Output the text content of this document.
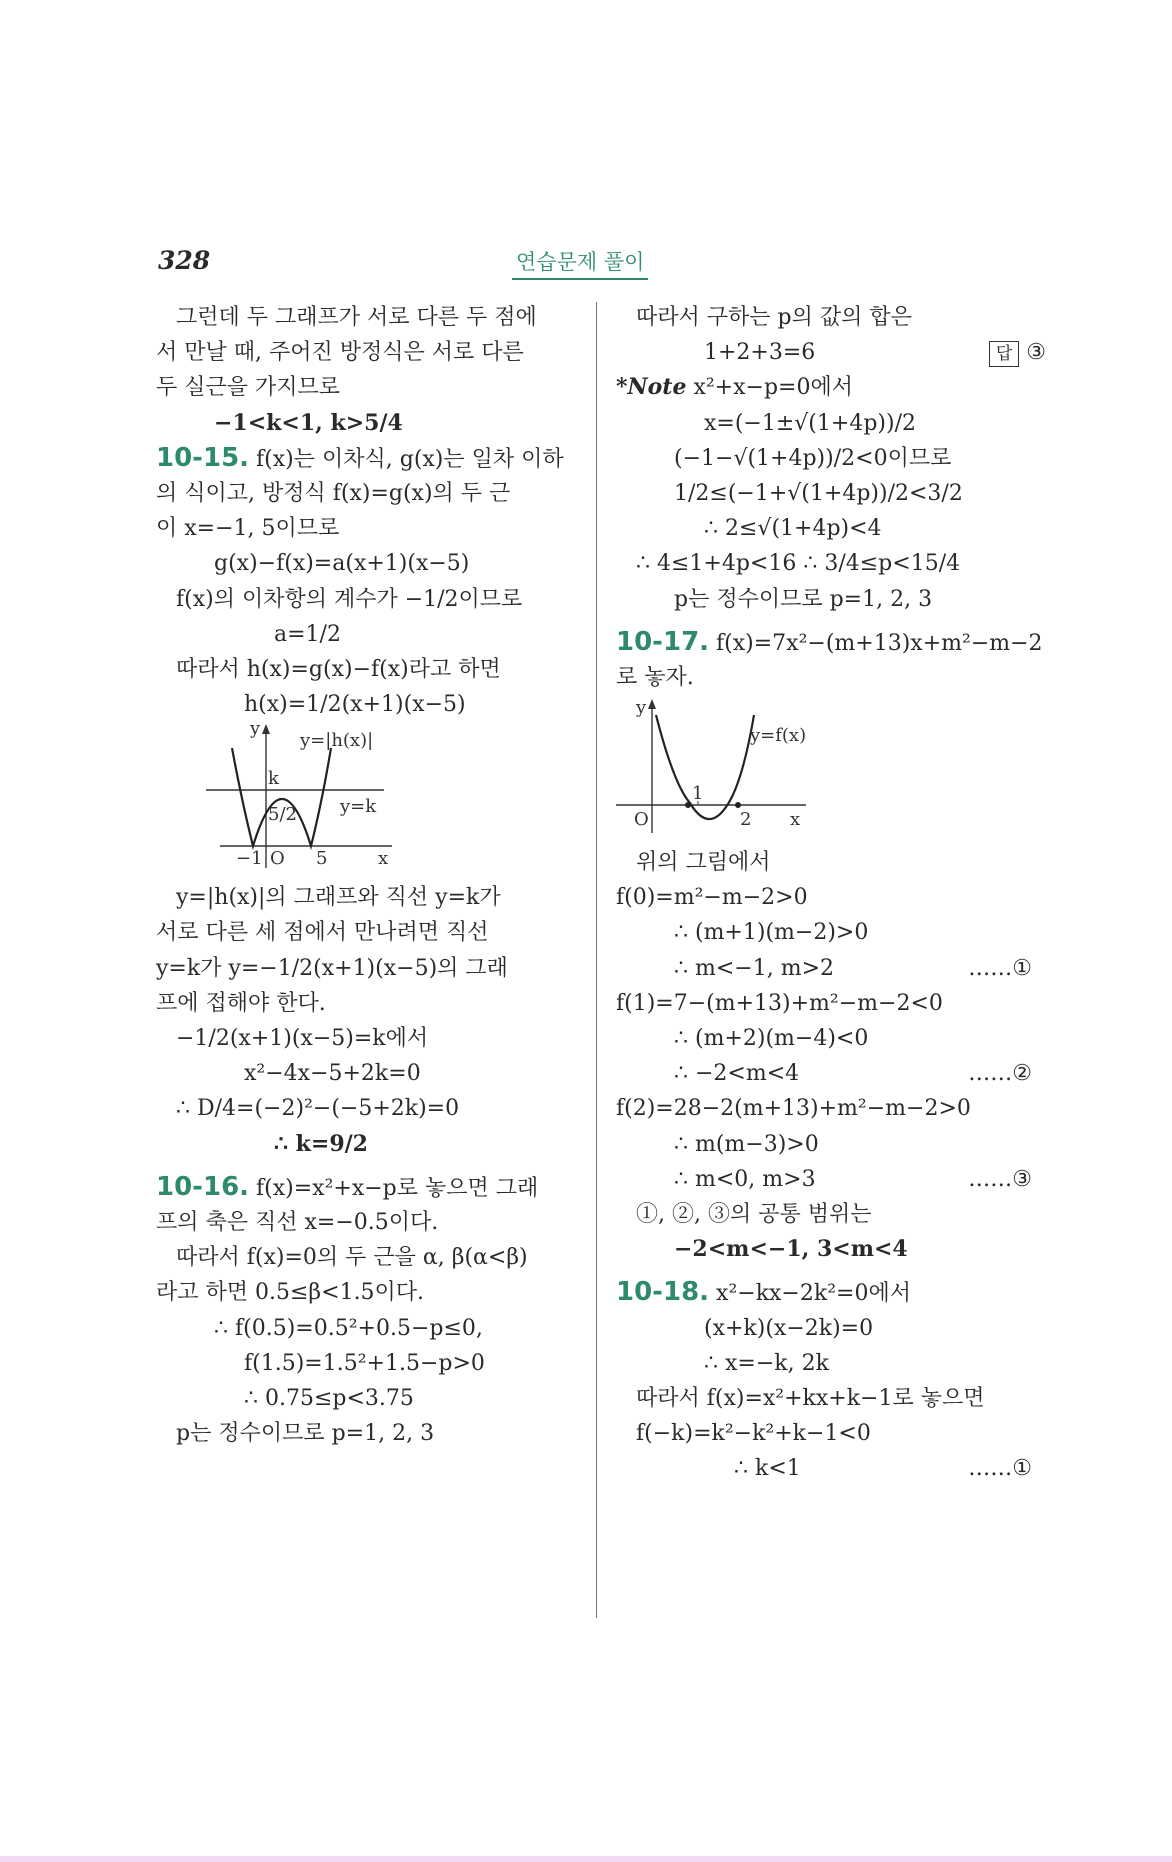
328	연습문제 풀이
그런데 두 그래프가 서로 다른 두 점에
서 만날 때, 주어진 방정식은 서로 다른
두 실근을 가지므로
−1<k<1, k>5/4
10-15. f(x)는 이차식, g(x)는 일차 이하
의 식이고, 방정식 f(x)=g(x)의 두 근
이 x=−1, 5이므로
g(x)−f(x)=a(x+1)(x−5)
f(x)의 이차항의 계수가 −1/2이므로
a=1/2
따라서 h(x)=g(x)−f(x)라고 하면
h(x)=1/2(x+1)(x−5)
y
y=|h(x)|
y=k
k
5/2
−1 O 5	x
y=|h(x)|의 그래프와 직선 y=k가
서로 다른 세 점에서 만나려면 직선
y=k가 y=−1/2(x+1)(x−5)의 그래
프에 접해야 한다.
−1/2(x+1)(x−5)=k에서
x²−4x−5+2k=0
∴ D/4=(−2)²−(−5+2k)=0
∴ k=9/2
10-16. f(x)=x²+x−p로 놓으면 그래
프의 축은 직선 x=−0.5이다.
따라서 f(x)=0의 두 근을 α, β(α<β)
라고 하면 0.5≤β<1.5이다.
∴ f(0.5)=0.5²+0.5−p≤0,
f(1.5)=1.5²+1.5−p>0
∴ 0.75≤p<3.75
p는 정수이므로 p=1, 2, 3
따라서 구하는 p의 값의 합은
1+2+3=6	답 ③
*Note x²+x−p=0에서
x=(−1±√(1+4p))/2
(−1−√(1+4p))/2<0이므로
1/2≤(−1+√(1+4p))/2<3/2
∴ 2≤√(1+4p)<4
∴ 4≤1+4p<16 ∴ 3/4≤p<15/4
p는 정수이므로 p=1, 2, 3
10-17. f(x)=7x²−(m+13)x+m²−m−2
로 놓자.
y
y=f(x)
O
1
2 x
위의 그림에서
f(0)=m²−m−2>0
∴ (m+1)(m−2)>0
∴ m<−1, m>2	……①
f(1)=7−(m+13)+m²−m−2<0
∴ (m+2)(m−4)<0
∴ −2<m<4	……②
f(2)=28−2(m+13)+m²−m−2>0
∴ m(m−3)>0
∴ m<0, m>3	……③
①, ②, ③의 공통 범위는
−2<m<−1, 3<m<4
10-18. x²−kx−2k²=0에서
(x+k)(x−2k)=0
∴ x=−k, 2k
따라서 f(x)=x²+kx+k−1로 놓으면
f(−k)=k²−k²+k−1<0
∴ k<1	……①
